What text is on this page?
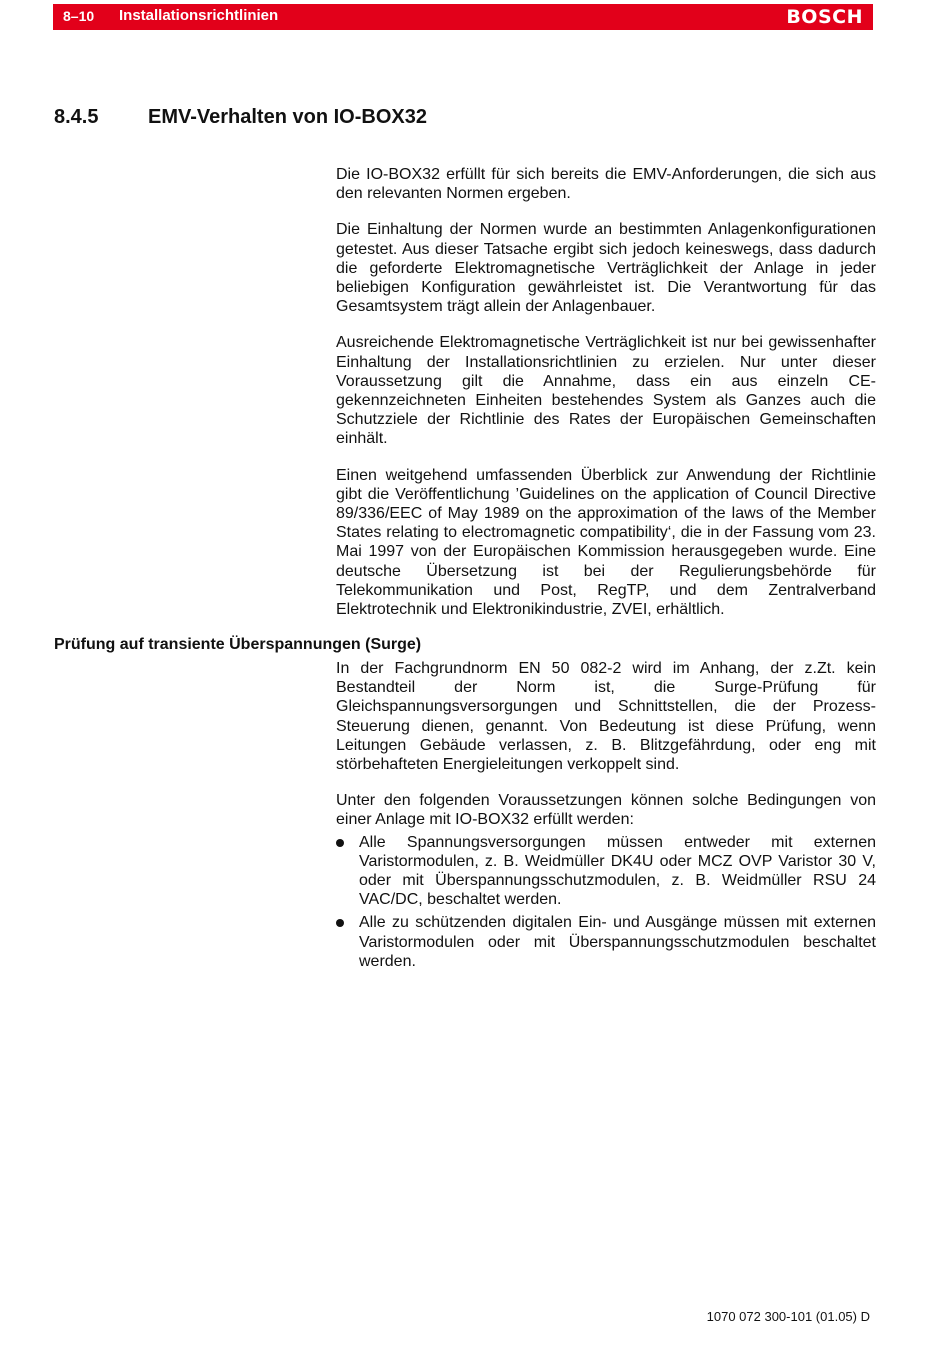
8–10 Installationsrichtlinien	BOSCH
8.4.5 EMV-Verhalten von IO-BOX32

Die IO-BOX32 erfüllt für sich bereits die EMV-Anforderungen, die sich aus den relevanten Normen ergeben.

Die Einhaltung der Normen wurde an bestimmten Anlagenkonfigurationen getestet. Aus dieser Tatsache ergibt sich jedoch keineswegs, dass dadurch die geforderte Elektromagnetische Verträglichkeit der Anlage in jeder beliebigen Konfiguration gewährleistet ist. Die Verantwortung für das Gesamtsystem trägt allein der Anlagenbauer.

Ausreichende Elektromagnetische Verträglichkeit ist nur bei gewissenhafter Einhaltung der Installationsrichtlinien zu erzielen. Nur unter dieser Voraussetzung gilt die Annahme, dass ein aus einzeln CE-gekennzeichneten Einheiten bestehendes System als Ganzes auch die Schutzziele der Richtlinie des Rates der Europäischen Gemeinschaften einhält.

Einen weitgehend umfassenden Überblick zur Anwendung der Richtlinie gibt die Veröffentlichung ’Guidelines on the application of Council Directive 89/336/EEC of May 1989 on the approximation of the laws of the Member States relating to electromagnetic compatibility‘, die in der Fassung vom 23. Mai 1997 von der Europäischen Kommission herausgegeben wurde. Eine deutsche Übersetzung ist bei der Regulierungsbehörde für Telekommunikation und Post, RegTP, und dem Zentralverband Elektrotechnik und Elektronikindustrie, ZVEI, erhältlich.

Prüfung auf transiente Überspannungen (Surge)

In der Fachgrundnorm EN 50 082-2 wird im Anhang, der z.Zt. kein Bestandteil der Norm ist, die Surge-Prüfung für Gleichspannungsversorgungen und Schnittstellen, die der Prozess-Steuerung dienen, genannt. Von Bedeutung ist diese Prüfung, wenn Leitungen Gebäude verlassen, z. B. Blitzgefährdung, oder eng mit störbehafteten Energieleitungen verkoppelt sind.

Unter den folgenden Voraussetzungen können solche Bedingungen von einer Anlage mit IO-BOX32 erfüllt werden:

Alle Spannungsversorgungen müssen entweder mit externen Varistormodulen, z. B. Weidmüller DK4U oder MCZ OVP Varistor 30 V, oder mit Überspannungsschutzmodulen, z. B. Weidmüller RSU 24 VAC/DC, beschaltet werden.
Alle zu schützenden digitalen Ein- und Ausgänge müssen mit externen Varistormodulen oder mit Überspannungsschutzmodulen beschaltet werden.
1070 072 300-101 (01.05) D
